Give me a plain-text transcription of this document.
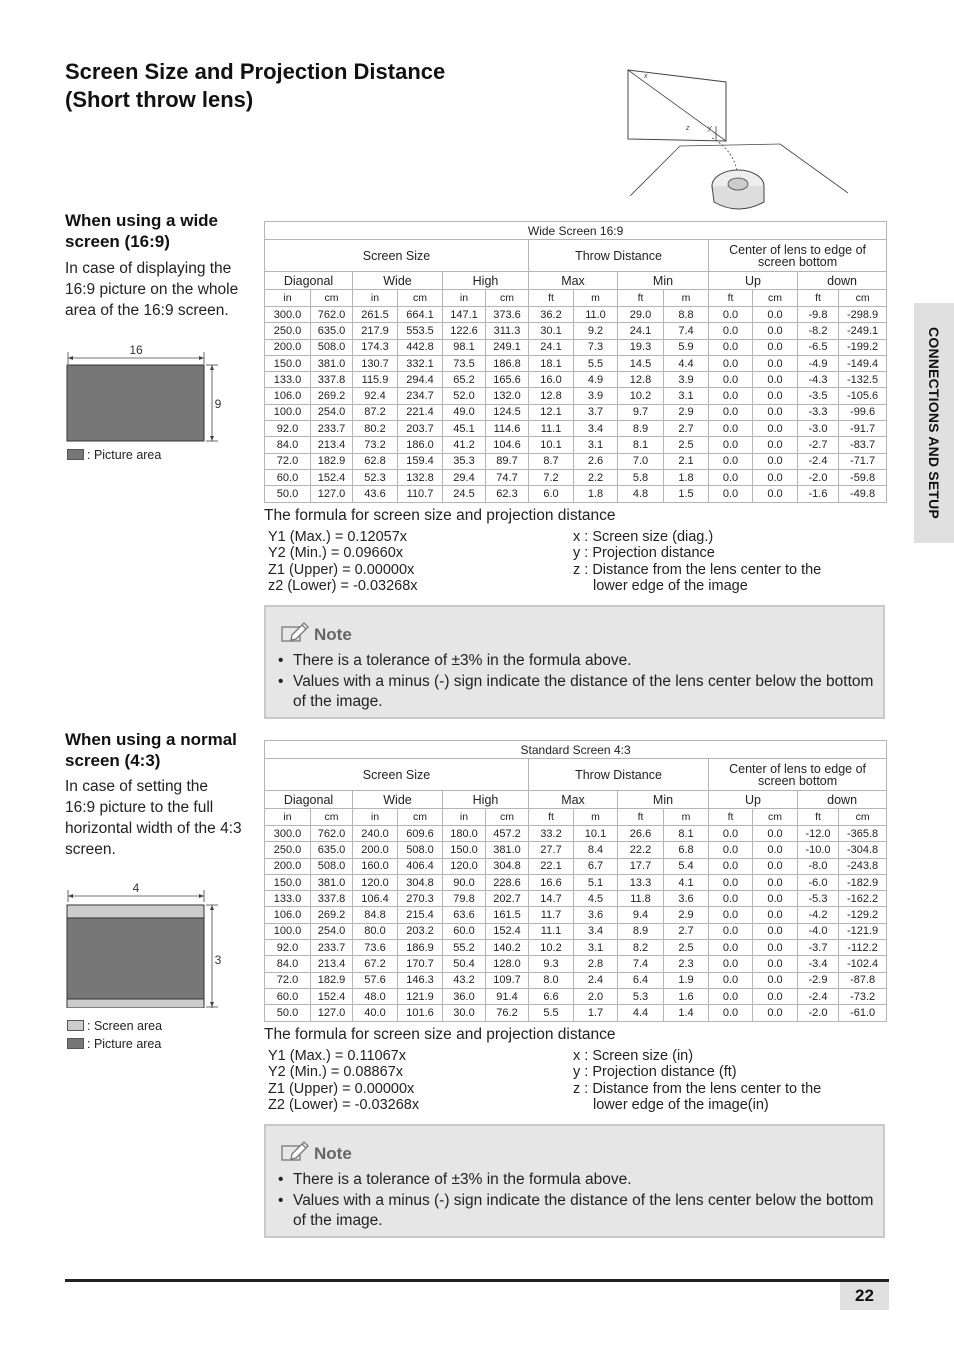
Screen Size and Projection Distance
(Short throw lens)
x
z	y
CONNECTIONS AND SETUP
When using a wide
screen (16:9)
In case of displaying the
16:9 picture on the whole
area of the 16:9 screen.
16
9
: Picture area
Wide Screen 16:9													
Screen Size						Throw Distance				Center of lens to edge of
screen bottom			

Diagonal		Wide		High		Max		Min		Up		down	
in	cm	in	cm	in	cm	ft	m	ft	m	ft	cm	ft	cm
300.0	762.0	261.5	664.1	147.1	373.6	36.2	11.0	29.0	8.8	0.0	0.0	-9.8	-298.9
250.0	635.0	217.9	553.5	122.6	311.3	30.1	9.2	24.1	7.4	0.0	0.0	-8.2	-249.1
200.0	508.0	174.3	442.8	98.1	249.1	24.1	7.3	19.3	5.9	0.0	0.0	-6.5	-199.2
150.0	381.0	130.7	332.1	73.5	186.8	18.1	5.5	14.5	4.4	0.0	0.0	-4.9	-149.4
133.0	337.8	115.9	294.4	65.2	165.6	16.0	4.9	12.8	3.9	0.0	0.0	-4.3	-132.5
106.0	269.2	92.4	234.7	52.0	132.0	12.8	3.9	10.2	3.1	0.0	0.0	-3.5	-105.6
100.0	254.0	87.2	221.4	49.0	124.5	12.1	3.7	9.7	2.9	0.0	0.0	-3.3	-99.6
92.0	233.7	80.2	203.7	45.1	114.6	11.1	3.4	8.9	2.7	0.0	0.0	-3.0	-91.7
84.0	213.4	73.2	186.0	41.2	104.6	10.1	3.1	8.1	2.5	0.0	0.0	-2.7	-83.7
72.0	182.9	62.8	159.4	35.3	89.7	8.7	2.6	7.0	2.1	0.0	0.0	-2.4	-71.7
60.0	152.4	52.3	132.8	29.4	74.7	7.2	2.2	5.8	1.8	0.0	0.0	-2.0	-59.8
50.0	127.0	43.6	110.7	24.5	62.3	6.0	1.8	4.8	1.5	0.0	0.0	-1.6	-49.8
The formula for screen size and projection distance
Y1 (Max.) = 0.12057x
Y2 (Min.) = 0.09660x
Z1 (Upper) = 0.00000x
z2 (Lower) = -0.03268x
x : Screen size (diag.)
y : Projection distance
z : Distance from the lens center to the
lower edge of the image
Note
• There is a tolerance of ±3% in the formula above.
• Values with a minus (-) sign indicate the distance of the lens center below the bottom of the image.
When using a normal
screen (4:3)
In case of setting the
16:9 picture to the full
horizontal width of the 4:3
screen.
4
3
: Screen area
: Picture area
Standard Screen 4:3													
Screen Size						Throw Distance				Center of lens to edge of
screen bottom			

Diagonal		Wide		High		Max		Min		Up		down	
in	cm	in	cm	in	cm	ft	m	ft	m	ft	cm	ft	cm
300.0	762.0	240.0	609.6	180.0	457.2	33.2	10.1	26.6	8.1	0.0	0.0	-12.0	-365.8
250.0	635.0	200.0	508.0	150.0	381.0	27.7	8.4	22.2	6.8	0.0	0.0	-10.0	-304.8
200.0	508.0	160.0	406.4	120.0	304.8	22.1	6.7	17.7	5.4	0.0	0.0	-8.0	-243.8
150.0	381.0	120.0	304.8	90.0	228.6	16.6	5.1	13.3	4.1	0.0	0.0	-6.0	-182.9
133.0	337.8	106.4	270.3	79.8	202.7	14.7	4.5	11.8	3.6	0.0	0.0	-5.3	-162.2
106.0	269.2	84.8	215.4	63.6	161.5	11.7	3.6	9.4	2.9	0.0	0.0	-4.2	-129.2
100.0	254.0	80.0	203.2	60.0	152.4	11.1	3.4	8.9	2.7	0.0	0.0	-4.0	-121.9
92.0	233.7	73.6	186.9	55.2	140.2	10.2	3.1	8.2	2.5	0.0	0.0	-3.7	-112.2
84.0	213.4	67.2	170.7	50.4	128.0	9.3	2.8	7.4	2.3	0.0	0.0	-3.4	-102.4
72.0	182.9	57.6	146.3	43.2	109.7	8.0	2.4	6.4	1.9	0.0	0.0	-2.9	-87.8
60.0	152.4	48.0	121.9	36.0	91.4	6.6	2.0	5.3	1.6	0.0	0.0	-2.4	-73.2
50.0	127.0	40.0	101.6	30.0	76.2	5.5	1.7	4.4	1.4	0.0	0.0	-2.0	-61.0
The formula for screen size and projection distance
Y1 (Max.) = 0.11067x
Y2 (Min.) = 0.08867x
Z1 (Upper) = 0.00000x
Z2 (Lower) = -0.03268x
x : Screen size (in)
y : Projection distance (ft)
z : Distance from the lens center to the
lower edge of the image(in)
Note
• There is a tolerance of ±3% in the formula above.
• Values with a minus (-) sign indicate the distance of the lens center below the bottom of the image.
22
